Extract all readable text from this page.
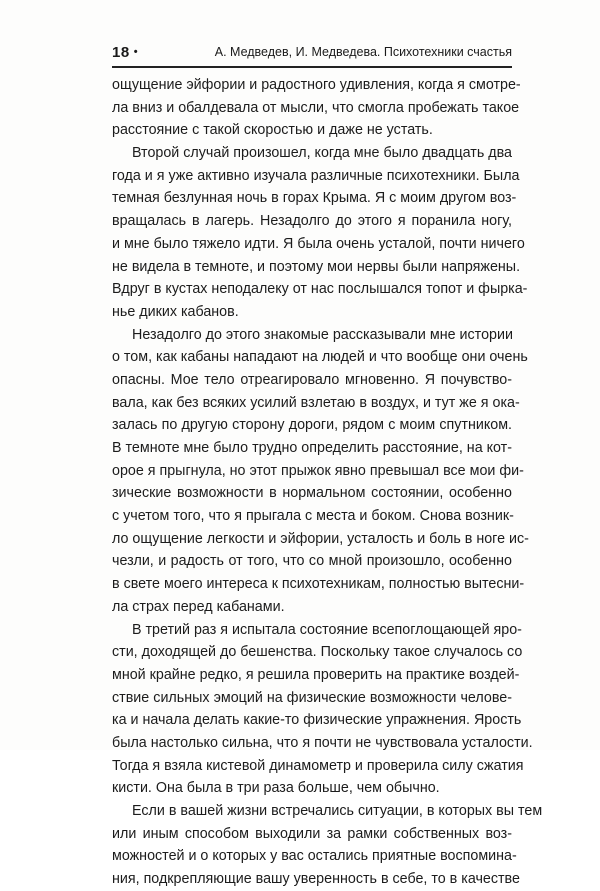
18 •	А. Медведев, И. Медведева. Психотехники счастья
ощущение эйфории и радостного удивления, когда я смотре-
ла вниз и обалдевала от мысли, что смогла пробежать такое
расстояние с такой скоростью и даже не устать.
Второй случай произошел, когда мне было двадцать два
года и я уже активно изучала различные психотехники. Была
темная безлунная ночь в горах Крыма. Я с моим другом воз-
вращалась в лагерь. Незадолго до этого я поранила ногу,
и мне было тяжело идти. Я была очень усталой, почти ничего
не видела в темноте, и поэтому мои нервы были напряжены.
Вдруг в кустах неподалеку от нас послышался топот и фырка-
нье диких кабанов.
Незадолго до этого знакомые рассказывали мне истории
о том, как кабаны нападают на людей и что вообще они очень
опасны. Мое тело отреагировало мгновенно. Я почувство-
вала, как без всяких усилий взлетаю в воздух, и тут же я ока-
залась по другую сторону дороги, рядом с моим спутником.
В темноте мне было трудно определить расстояние, на кот-
орое я прыгнула, но этот прыжок явно превышал все мои фи-
зические возможности в нормальном состоянии, особенно
с учетом того, что я прыгала с места и боком. Снова возник-
ло ощущение легкости и эйфории, усталость и боль в ноге ис-
чезли, и радость от того, что со мной произошло, особенно
в свете моего интереса к психотехникам, полностью вытесни-
ла страх перед кабанами.
В третий раз я испытала состояние всепоглощающей яро-
сти, доходящей до бешенства. Поскольку такое случалось со
мной крайне редко, я решила проверить на практике воздей-
ствие сильных эмоций на физические возможности челове-
ка и начала делать какие-то физические упражнения. Ярость
была настолько сильна, что я почти не чувствовала усталости.
Тогда я взяла кистевой динамометр и проверила силу сжатия
кисти. Она была в три раза больше, чем обычно.
Если в вашей жизни встречались ситуации, в которых вы тем
или иным способом выходили за рамки собственных воз-
можностей и о которых у вас остались приятные воспомина-
ния, подкрепляющие вашу уверенность в себе, то в качестве
